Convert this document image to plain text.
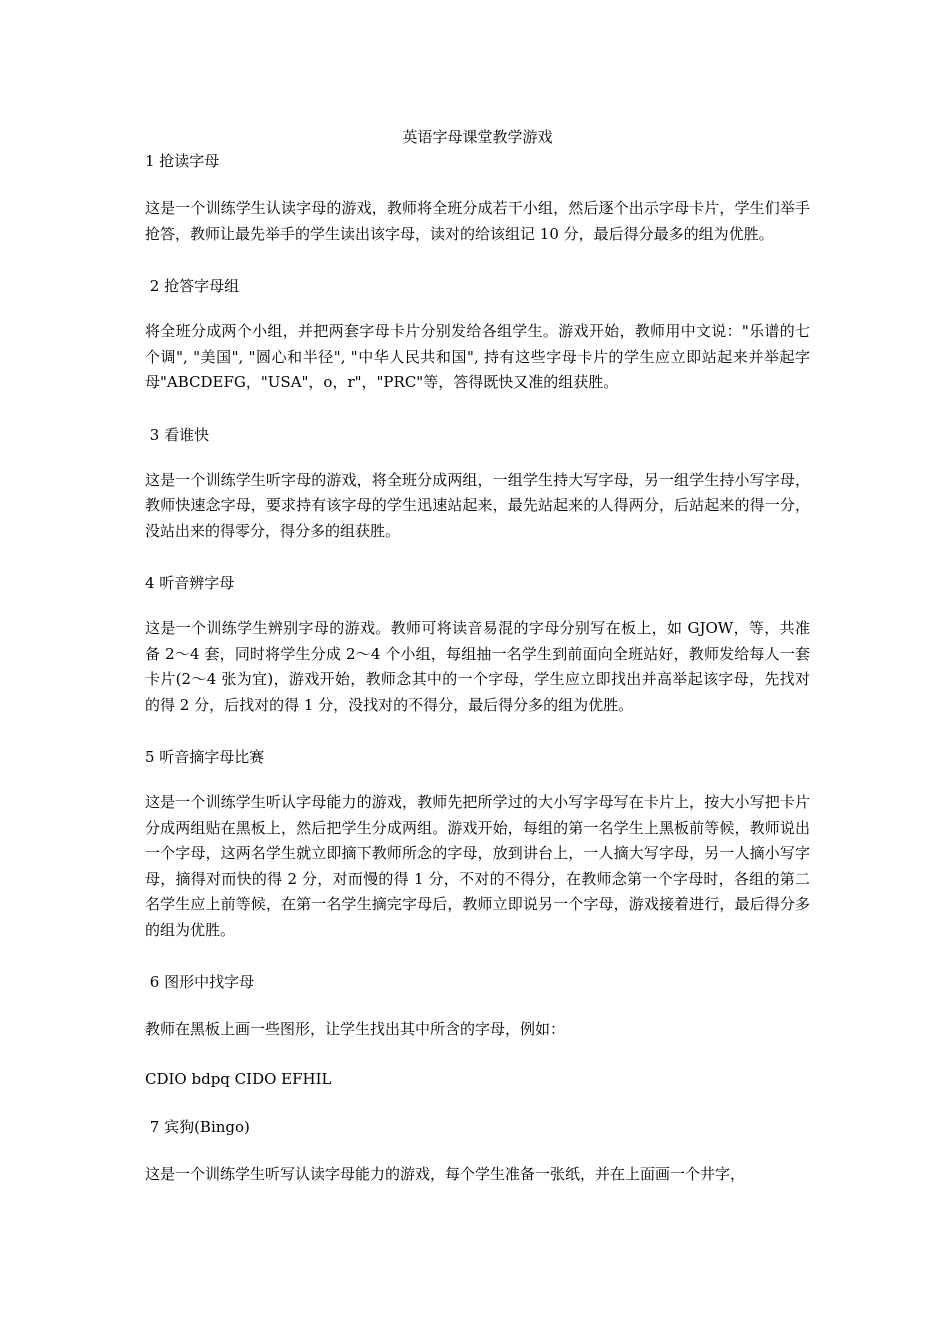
英语字母课堂教学游戏

1 抢读字母

这是一个训练学生认读字母的游戏，教师将全班分成若干小组，然后逐个出示字母卡片，学生们举手抢答，教师让最先举手的学生读出该字母，读对的给该组记 10 分，最后得分最多的组为优胜。

2 抢答字母组

将全班分成两个小组，并把两套字母卡片分别发给各组学生。游戏开始，教师用中文说："乐谱的七个调", "美国", "圆心和半径", "中华人民共和国", 持有这些字母卡片的学生应立即站起来并举起字母"ABCDEFG，"USA"，o，r"，"PRC"等，答得既快又准的组获胜。

3 看谁快

这是一个训练学生听字母的游戏，将全班分成两组，一组学生持大写字母，另一组学生持小写字母，教师快速念字母，要求持有该字母的学生迅速站起来，最先站起来的人得两分，后站起来的得一分，没站出来的得零分，得分多的组获胜。

4 听音辨字母

这是一个训练学生辨别字母的游戏。教师可将读音易混的字母分别写在板上，如 GJOW，等，共准备 2～4 套，同时将学生分成 2～4 个小组，每组抽一名学生到前面向全班站好，教师发给每人一套卡片(2～4 张为宜)，游戏开始，教师念其中的一个字母，学生应立即找出并高举起该字母，先找对的得 2 分，后找对的得 1 分，没找对的不得分，最后得分多的组为优胜。

5 听音摘字母比赛

这是一个训练学生听认字母能力的游戏，教师先把所学过的大小写字母写在卡片上，按大小写把卡片分成两组贴在黑板上，然后把学生分成两组。游戏开始，每组的第一名学生上黑板前等候，教师说出一个字母，这两名学生就立即摘下教师所念的字母，放到讲台上，一人摘大写字母，另一人摘小写字母，摘得对而快的得 2 分，对而慢的得 1 分，不对的不得分，在教师念第一个字母时，各组的第二名学生应上前等候，在第一名学生摘完字母后，教师立即说另一个字母，游戏接着进行，最后得分多的组为优胜。

6 图形中找字母

教师在黑板上画一些图形，让学生找出其中所含的字母，例如：

CDIO bdpq CIDO EFHIL

7 宾狗(Bingo)

这是一个训练学生听写认读字母能力的游戏，每个学生准备一张纸，并在上面画一个井字，
